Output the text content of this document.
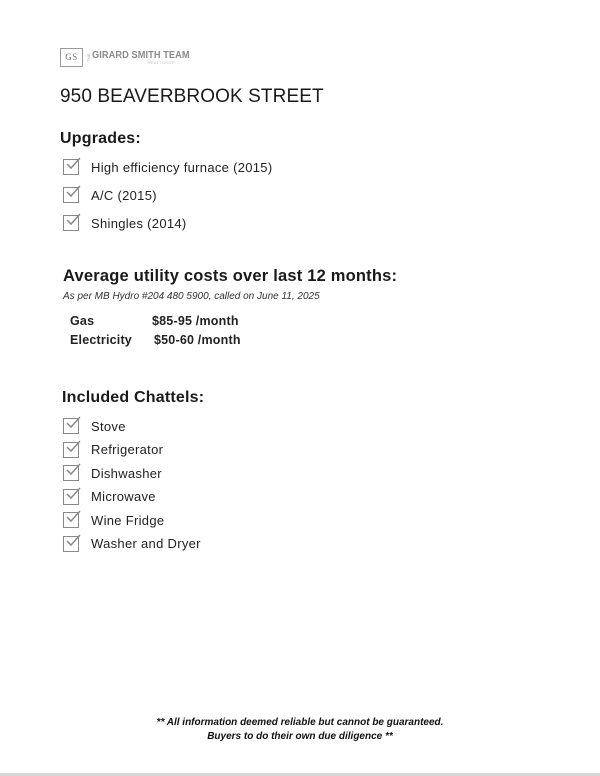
GS	THE GIRARD SMITH TEAM
REALTORS®
950 BEAVERBROOK STREET
Upgrades:
High efficiency furnace (2015)
A/C (2015)
Shingles (2014)
Average utility costs over last 12 months:
As per MB Hydro #204 480 5900, called on June 11, 2025
Gas	$85-95 /month
Electricity $50-60 /month
Included Chattels:
Stove
Refrigerator
Dishwasher
Microwave
Wine Fridge
Washer and Dryer
** All information deemed reliable but cannot be guaranteed.
Buyers to do their own due diligence **
